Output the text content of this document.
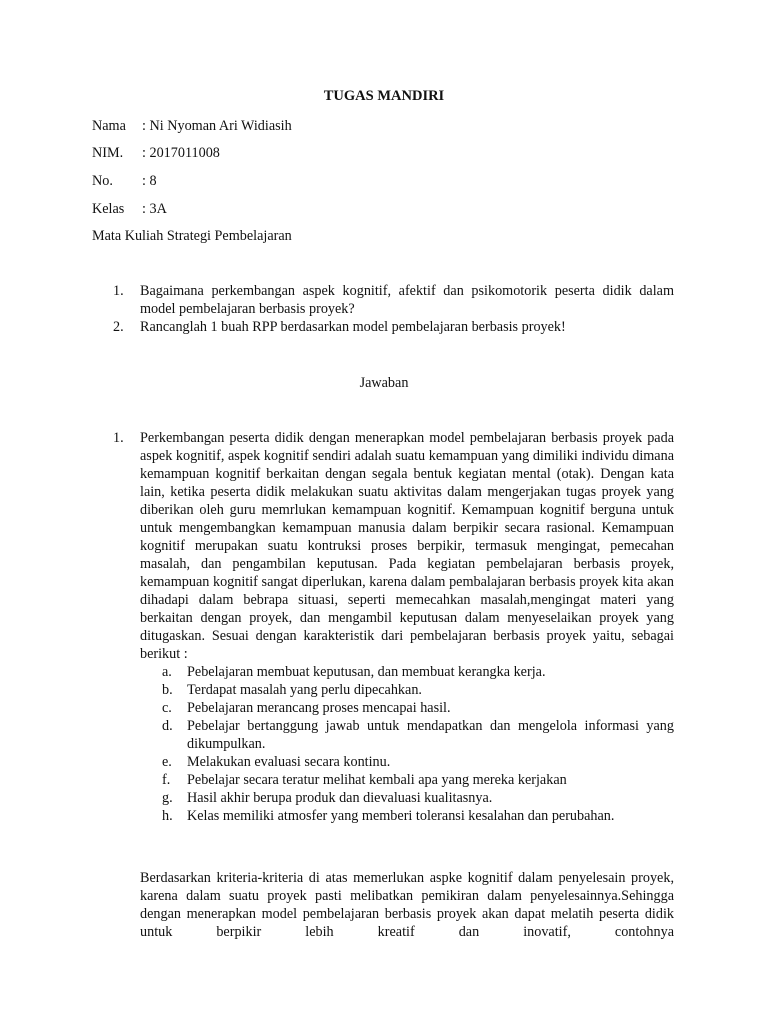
TUGAS MANDIRI
Nama : Ni Nyoman Ari Widiasih
NIM. : 2017011008
No. : 8
Kelas : 3A
Mata Kuliah Strategi Pembelajaran
1. Bagaimana perkembangan aspek kognitif, afektif dan psikomotorik peserta didik dalam model pembelajaran berbasis proyek?
2. Rancanglah 1 buah RPP berdasarkan model pembelajaran berbasis proyek!
Jawaban
1.	Perkembangan peserta didik dengan menerapkan model pembelajaran berbasis proyek pada aspek kognitif, aspek kognitif sendiri adalah suatu kemampuan yang dimiliki individu dimana kemampuan kognitif berkaitan dengan segala bentuk kegiatan mental (otak). Dengan kata lain, ketika peserta didik melakukan suatu aktivitas dalam mengerjakan tugas proyek yang diberikan oleh guru memrlukan kemampuan kognitif. Kemampuan kognitif berguna untuk untuk mengembangkan kemampuan manusia dalam berpikir secara rasional. Kemampuan kognitif merupakan suatu kontruksi proses berpikir, termasuk mengingat, pemecahan masalah, dan pengambilan keputusan. Pada kegiatan pembelajaran berbasis proyek, kemampuan kognitif sangat diperlukan, karena dalam pembalajaran berbasis proyek kita akan dihadapi dalam bebrapa situasi, seperti memecahkan masalah,mengingat materi yang berkaitan dengan proyek, dan mengambil keputusan dalam menyeselaikan proyek yang ditugaskan. Sesuai dengan karakteristik dari pembelajaran berbasis proyek yaitu, sebagai berikut :

a. Pebelajaran membuat keputusan, dan membuat kerangka kerja.
b. Terdapat masalah yang perlu dipecahkan.
c. Pebelajaran merancang proses mencapai hasil.
d. Pebelajar bertanggung jawab untuk mendapatkan dan mengelola informasi yang dikumpulkan.
e. Melakukan evaluasi secara kontinu.
f. Pebelajar secara teratur melihat kembali apa yang mereka kerjakan
g. Hasil akhir berupa produk dan dievaluasi kualitasnya.
h. Kelas memiliki atmosfer yang memberi toleransi kesalahan dan perubahan.

Berdasarkan kriteria-kriteria di atas memerlukan aspke kognitif dalam penyelesain proyek, karena dalam suatu proyek pasti melibatkan pemikiran dalam penyelesainnya.Sehingga dengan menerapkan model pembelajaran berbasis proyek akan dapat melatih peserta didik untuk berpikir lebih kreatif dan inovatif, contohnya
